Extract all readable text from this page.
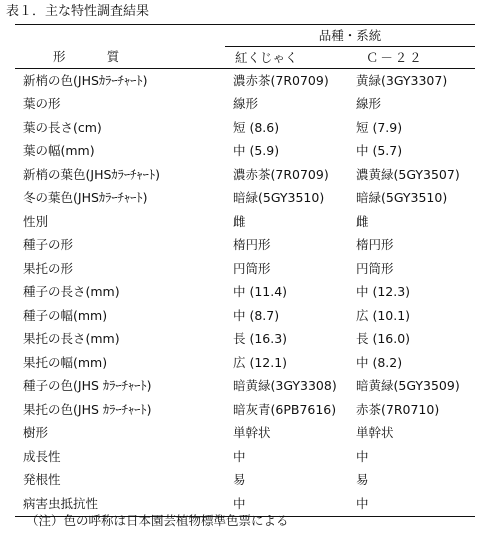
表１．主な特性調査結果
	品種・系統	
形 質	紅くじゃく	Ｃ－２２
新梢の色(JHSｶﾗｰﾁｬｰﾄ)	濃赤茶(7R0709)	黄緑(3GY3307)
葉の形	線形	線形
葉の長さ(cm)	短 (8.6)	短 (7.9)
葉の幅(mm)	中 (5.9)	中 (5.7)
新梢の葉色(JHSｶﾗｰﾁｬｰﾄ)	濃赤茶(7R0709)	濃黄緑(5GY3507)
冬の葉色(JHSｶﾗｰﾁｬｰﾄ)	暗緑(5GY3510)	暗緑(5GY3510)
性別	雌	雌
種子の形	楕円形	楕円形
果托の形	円筒形	円筒形
種子の長さ(mm)	中 (11.4)	中 (12.3)
種子の幅(mm)	中 (8.7)	広 (10.1)
果托の長さ(mm)	長 (16.3)	長 (16.0)
果托の幅(mm)	広 (12.1)	中 (8.2)
種子の色(JHS ｶﾗｰﾁｬｰﾄ)	暗黄緑(3GY3308)	暗黄緑(5GY3509)
果托の色(JHS ｶﾗｰﾁｬｰﾄ)	暗灰青(6PB7616)	赤茶(7R0710)
樹形	単幹状	単幹状
成長性	中	中
発根性	易	易
病害虫抵抗性	中	中
（注）色の呼称は日本園芸植物標準色票による
